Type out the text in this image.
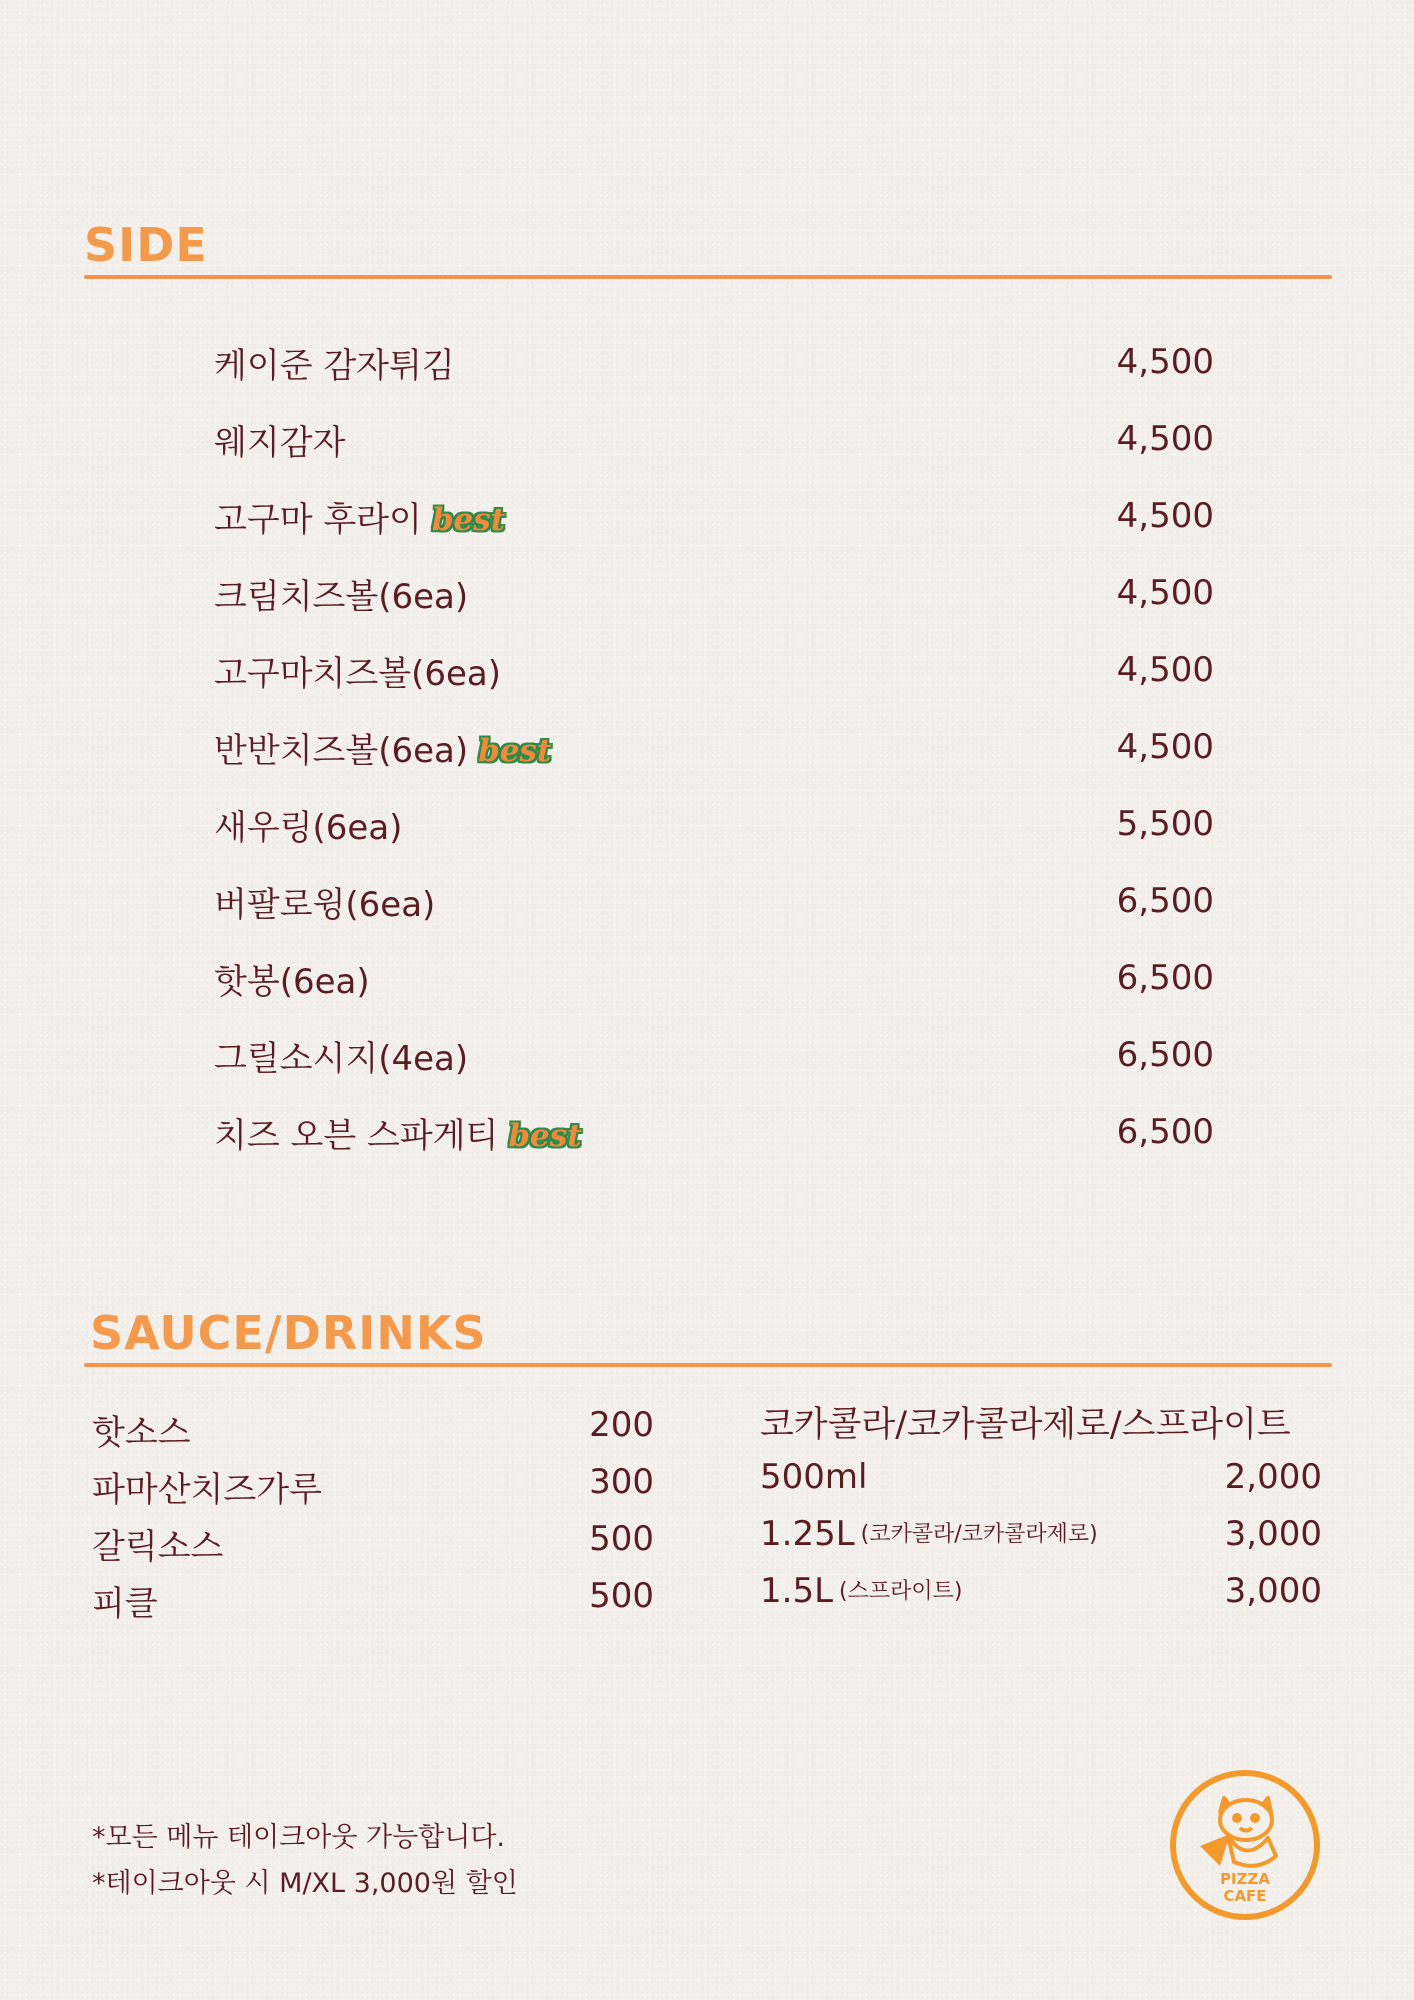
SIDE
케이준 감자튀김	4,500
웨지감자	4,500
고구마 후라이 best	4,500
크림치즈볼(6ea)	4,500
고구마치즈볼(6ea)	4,500
반반치즈볼(6ea) best	4,500
새우링(6ea)	5,500
버팔로윙(6ea)	6,500
핫봉(6ea)	6,500
그릴소시지(4ea)	6,500
치즈 오븐 스파게티 best	6,500
SAUCE/DRINKS
핫소스	200
파마산치즈가루	300
갈릭소스	500
피클	500
코카콜라/코카콜라제로/스프라이트
500ml	2,000
1.25L (코카콜라/코카콜라제로)	3,000
1.5L (스프라이트)	3,000
*모든 메뉴 테이크아웃 가능합니다.
*테이크아웃 시 M/XL 3,000원 할인	PIZZA
CAFE
